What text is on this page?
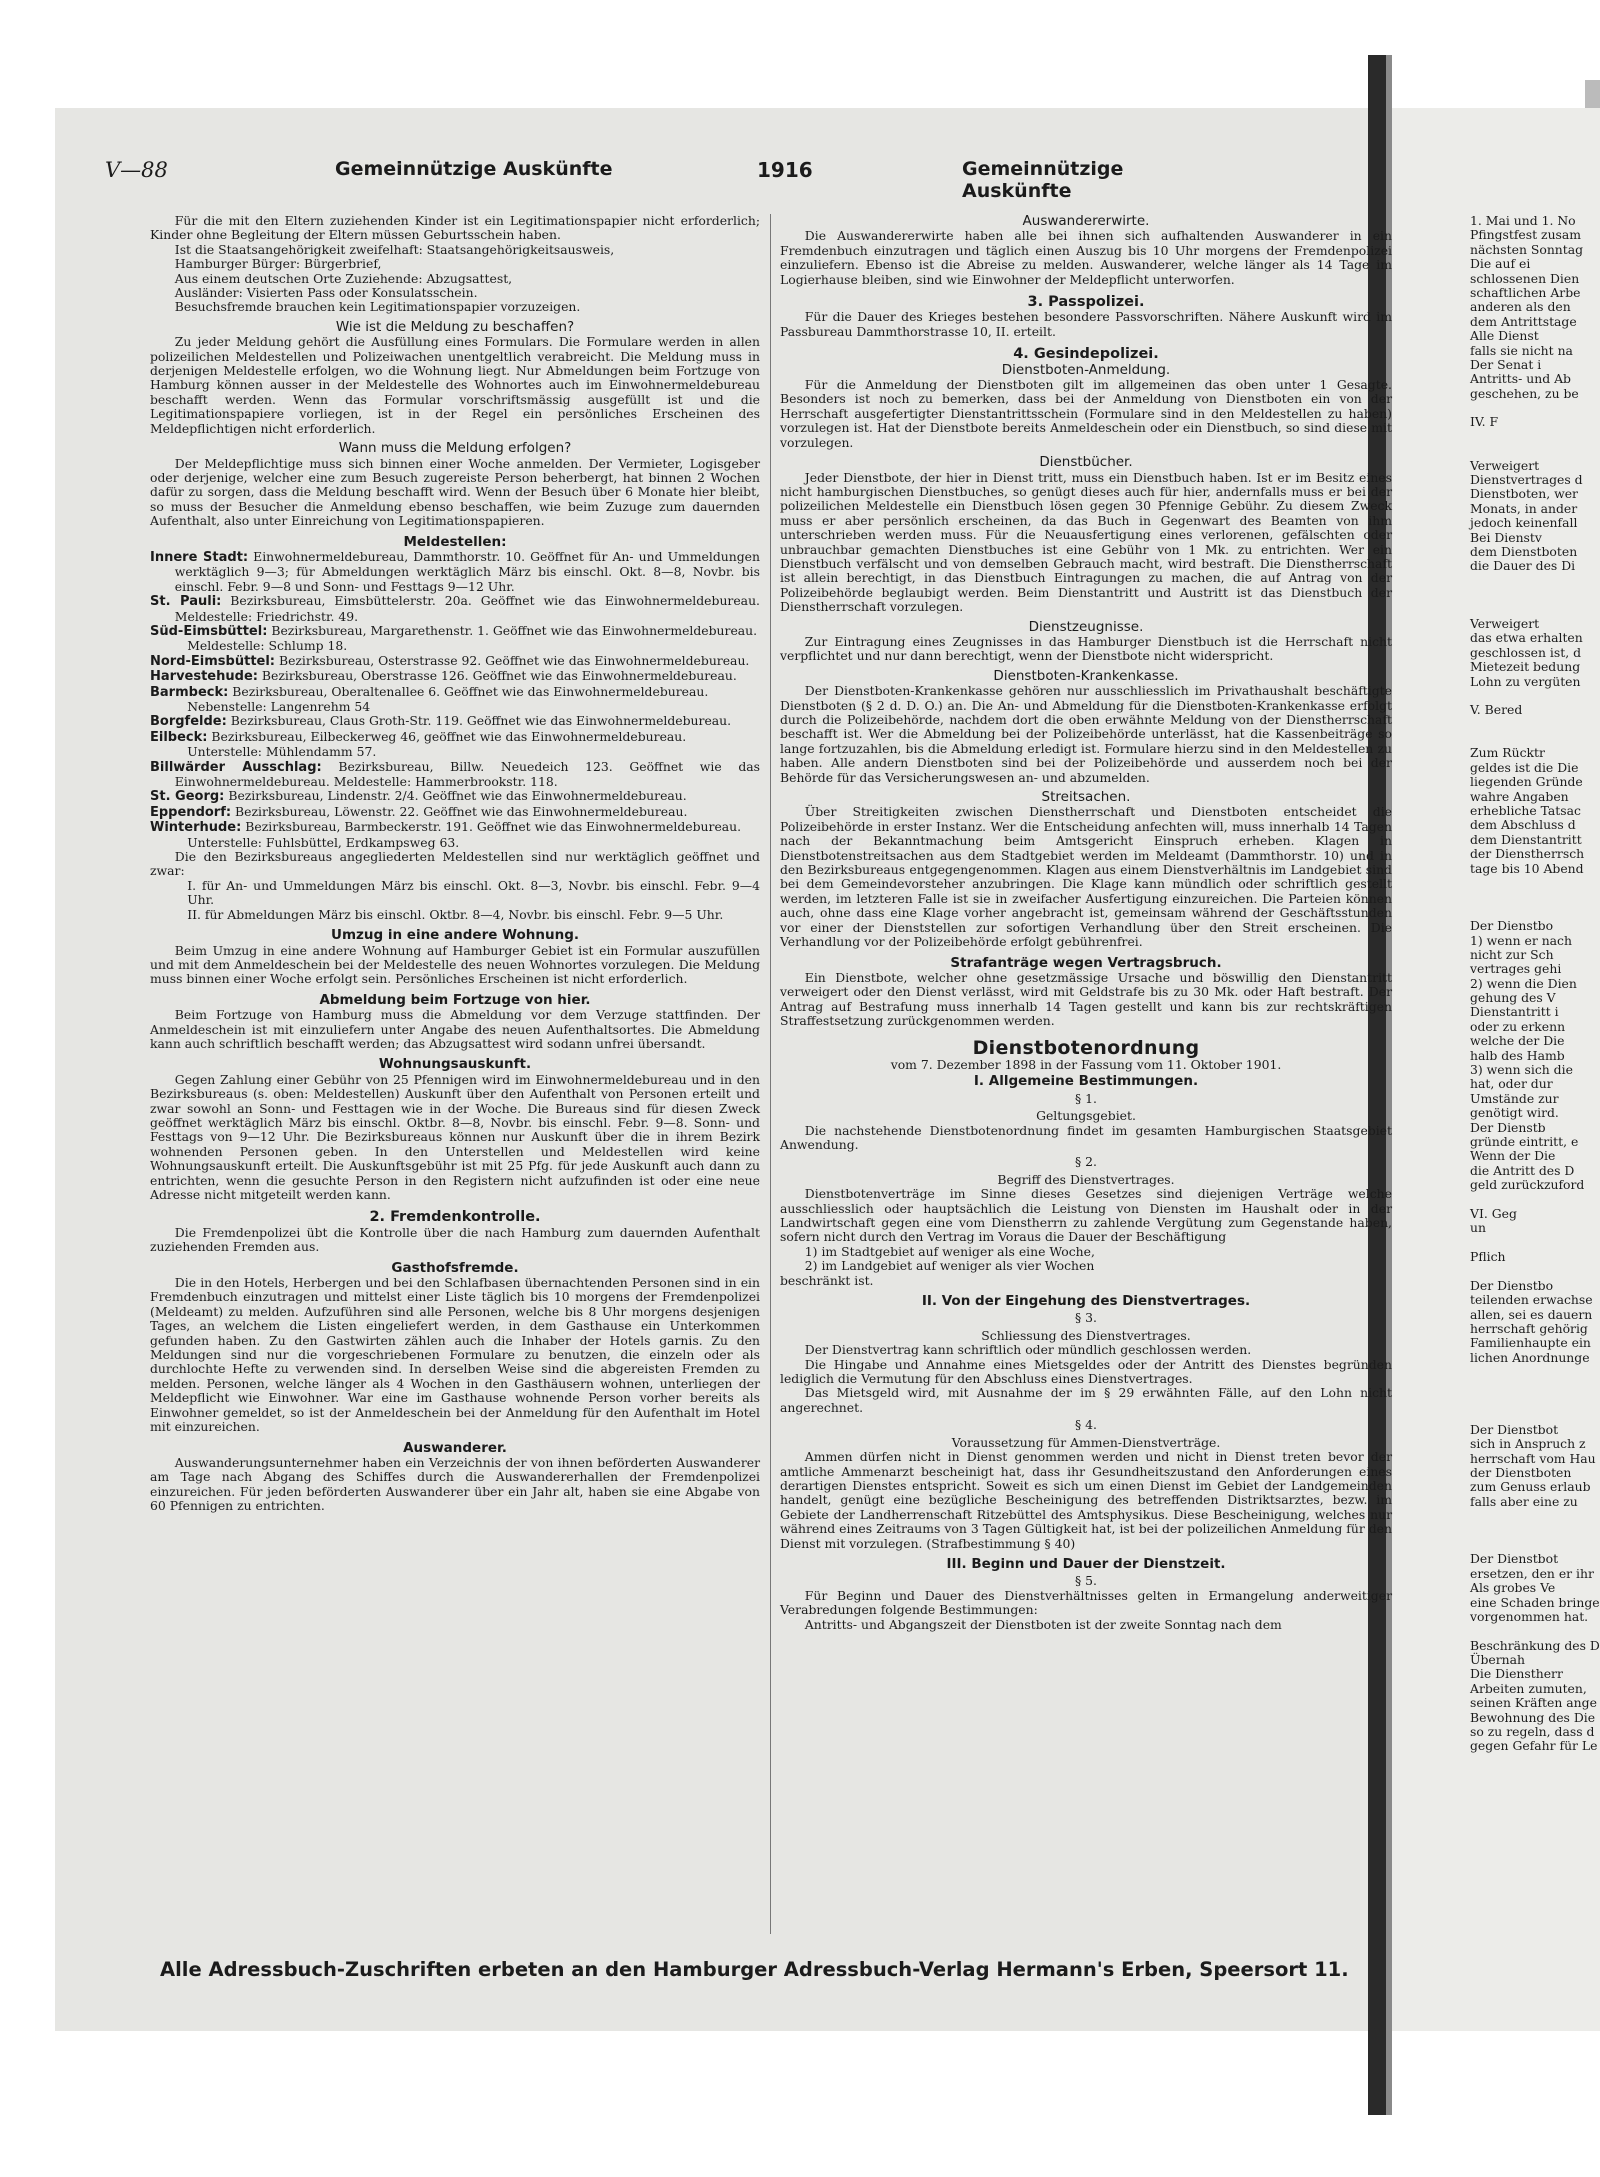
V—88	Gemeinnützige Auskünfte	1916	Gemeinnützige Auskünfte

Für die mit den Eltern zuziehenden Kinder ist ein Legitimationspapier nicht erforderlich; Kinder ohne Begleitung der Eltern müssen Geburtsschein haben.

Ist die Staatsangehörigkeit zweifelhaft: Staatsangehörigkeitsausweis,

Hamburger Bürger: Bürgerbrief,

Aus einem deutschen Orte Zuziehende: Abzugsattest,

Ausländer: Visierten Pass oder Konsulatsschein.

Besuchsfremde brauchen kein Legitimationspapier vorzuzeigen.

Wie ist die Meldung zu beschaffen?

Zu jeder Meldung gehört die Ausfüllung eines Formulars. Die Formulare werden in allen polizeilichen Meldestellen und Polizeiwachen unentgeltlich verabreicht. Die Meldung muss in derjenigen Meldestelle erfolgen, wo die Wohnung liegt. Nur Abmeldungen beim Fortzuge von Hamburg können ausser in der Meldestelle des Wohnortes auch im Einwohnermeldebureau beschafft werden. Wenn das Formular vorschriftsmässig ausgefüllt ist und die Legitimationspapiere vorliegen, ist in der Regel ein persönliches Erscheinen des Meldepflichtigen nicht erforderlich.

Wann muss die Meldung erfolgen?

Der Meldepflichtige muss sich binnen einer Woche anmelden. Der Vermieter, Logisgeber oder derjenige, welcher eine zum Besuch zugereiste Person beherbergt, hat binnen 2 Wochen dafür zu sorgen, dass die Meldung beschafft wird. Wenn der Besuch über 6 Monate hier bleibt, so muss der Besucher die Anmeldung ebenso beschaffen, wie beim Zuzuge zum dauernden Aufenthalt, also unter Einreichung von Legitimationspapieren.

Meldestellen:

Innere Stadt: Einwohnermeldebureau, Dammthorstr. 10. Geöffnet für An- und Ummeldungen werktäglich 9—3; für Abmeldungen werktäglich März bis einschl. Okt. 8—8, Novbr. bis einschl. Febr. 9—8 und Sonn- und Festtags 9—12 Uhr.

St. Pauli: Bezirksbureau, Eimsbüttelerstr. 20a. Geöffnet wie das Einwohnermeldebureau. Meldestelle: Friedrichstr. 49.

Süd-Eimsbüttel: Bezirksbureau, Margarethenstr. 1. Geöffnet wie das Einwohnermeldebureau.

Meldestelle: Schlump 18.

Nord-Eimsbüttel: Bezirksbureau, Osterstrasse 92. Geöffnet wie das Einwohnermeldebureau.

Harvestehude: Bezirksbureau, Oberstrasse 126. Geöffnet wie das Einwohnermeldebureau.

Barmbeck: Bezirksbureau, Oberaltenallee 6. Geöffnet wie das Einwohnermeldebureau.

Nebenstelle: Langenrehm 54

Borgfelde: Bezirksbureau, Claus Groth-Str. 119. Geöffnet wie das Einwohnermeldebureau.

Eilbeck: Bezirksbureau, Eilbeckerweg 46, geöffnet wie das Einwohnermeldebureau.

Unterstelle: Mühlendamm 57.

Billwärder Ausschlag: Bezirksbureau, Billw. Neuedeich 123. Geöffnet wie das Einwohnermeldebureau. Meldestelle: Hammerbrookstr. 118.

St. Georg: Bezirksbureau, Lindenstr. 2/4. Geöffnet wie das Einwohnermeldebureau.

Eppendorf: Bezirksbureau, Löwenstr. 22. Geöffnet wie das Einwohnermeldebureau.

Winterhude: Bezirksbureau, Barmbeckerstr. 191. Geöffnet wie das Einwohnermeldebureau.

Unterstelle: Fuhlsbüttel, Erdkampsweg 63.

Die den Bezirksbureaus angegliederten Meldestellen sind nur werktäglich geöffnet und zwar:

I. für An- und Ummeldungen März bis einschl. Okt. 8—3, Novbr. bis einschl. Febr. 9—4 Uhr.

II. für Abmeldungen März bis einschl. Oktbr. 8—4, Novbr. bis einschl. Febr. 9—5 Uhr.

Umzug in eine andere Wohnung.

Beim Umzug in eine andere Wohnung auf Hamburger Gebiet ist ein Formular auszufüllen und mit dem Anmeldeschein bei der Meldestelle des neuen Wohnortes vorzulegen. Die Meldung muss binnen einer Woche erfolgt sein. Persönliches Erscheinen ist nicht erforderlich.

Abmeldung beim Fortzuge von hier.

Beim Fortzuge von Hamburg muss die Abmeldung vor dem Verzuge stattfinden. Der Anmeldeschein ist mit einzuliefern unter Angabe des neuen Aufenthaltsortes. Die Abmeldung kann auch schriftlich beschafft werden; das Abzugsattest wird sodann unfrei übersandt.

Wohnungsauskunft.

Gegen Zahlung einer Gebühr von 25 Pfennigen wird im Einwohnermeldebureau und in den Bezirksbureaus (s. oben: Meldestellen) Auskunft über den Aufenthalt von Personen erteilt und zwar sowohl an Sonn- und Festtagen wie in der Woche. Die Bureaus sind für diesen Zweck geöffnet werktäglich März bis einschl. Oktbr. 8—8, Novbr. bis einschl. Febr. 9—8. Sonn- und Festtags von 9—12 Uhr. Die Bezirksbureaus können nur Auskunft über die in ihrem Bezirk wohnenden Personen geben. In den Unterstellen und Meldestellen wird keine Wohnungsauskunft erteilt. Die Auskunftsgebühr ist mit 25 Pfg. für jede Auskunft auch dann zu entrichten, wenn die gesuchte Person in den Registern nicht aufzufinden ist oder eine neue Adresse nicht mitgeteilt werden kann.

2. Fremdenkontrolle.

Die Fremdenpolizei übt die Kontrolle über die nach Hamburg zum dauernden Aufenthalt zuziehenden Fremden aus.

Gasthofsfremde.

Die in den Hotels, Herbergen und bei den Schlafbasen übernachtenden Personen sind in ein Fremdenbuch einzutragen und mittelst einer Liste täglich bis 10 morgens der Fremdenpolizei (Meldeamt) zu melden. Aufzuführen sind alle Personen, welche bis 8 Uhr morgens desjenigen Tages, an welchem die Listen eingeliefert werden, in dem Gasthause ein Unterkommen gefunden haben. Zu den Gastwirten zählen auch die Inhaber der Hotels garnis. Zu den Meldungen sind nur die vorgeschriebenen Formulare zu benutzen, die einzeln oder als durchlochte Hefte zu verwenden sind. In derselben Weise sind die abgereisten Fremden zu melden. Personen, welche länger als 4 Wochen in den Gasthäusern wohnen, unterliegen der Meldepflicht wie Einwohner. War eine im Gasthause wohnende Person vorher bereits als Einwohner gemeldet, so ist der Anmeldeschein bei der Anmeldung für den Aufenthalt im Hotel mit einzureichen.

Auswanderer.

Auswanderungsunternehmer haben ein Verzeichnis der von ihnen beförderten Auswanderer am Tage nach Abgang des Schiffes durch die Auswandererhallen der Fremdenpolizei einzureichen. Für jeden beförderten Auswanderer über ein Jahr alt, haben sie eine Abgabe von 60 Pfennigen zu entrichten.

Auswandererwirte.

Die Auswandererwirte haben alle bei ihnen sich aufhaltenden Auswanderer in ein Fremdenbuch einzutragen und täglich einen Auszug bis 10 Uhr morgens der Fremdenpolizei einzuliefern. Ebenso ist die Abreise zu melden. Auswanderer, welche länger als 14 Tage im Logierhause bleiben, sind wie Einwohner der Meldepflicht unterworfen.

3. Passpolizei.

Für die Dauer des Krieges bestehen besondere Passvorschriften. Nähere Auskunft wird im Passbureau Dammthorstrasse 10, II. erteilt.

4. Gesindepolizei.
Dienstboten-Anmeldung.

Für die Anmeldung der Dienstboten gilt im allgemeinen das oben unter 1 Gesagte. Besonders ist noch zu bemerken, dass bei der Anmeldung von Dienstboten ein von der Herrschaft ausgefertigter Dienstantrittsschein (Formulare sind in den Meldestellen zu haben) vorzulegen ist. Hat der Dienstbote bereits Anmeldeschein oder ein Dienstbuch, so sind diese mit vorzulegen.

Dienstbücher.

Jeder Dienstbote, der hier in Dienst tritt, muss ein Dienstbuch haben. Ist er im Besitz eines nicht hamburgischen Dienstbuches, so genügt dieses auch für hier, andernfalls muss er bei der polizeilichen Meldestelle ein Dienstbuch lösen gegen 30 Pfennige Gebühr. Zu diesem Zweck muss er aber persönlich erscheinen, da das Buch in Gegenwart des Beamten von ihm unterschrieben werden muss. Für die Neuausfertigung eines verlorenen, gefälschten oder unbrauchbar gemachten Dienstbuches ist eine Gebühr von 1 Mk. zu entrichten. Wer ein Dienstbuch verfälscht und von demselben Gebrauch macht, wird bestraft. Die Dienstherrschaft ist allein berechtigt, in das Dienstbuch Eintragungen zu machen, die auf Antrag von der Polizeibehörde beglaubigt werden. Beim Dienstantritt und Austritt ist das Dienstbuch der Dienstherrschaft vorzulegen.

Dienstzeugnisse.

Zur Eintragung eines Zeugnisses in das Hamburger Dienstbuch ist die Herrschaft nicht verpflichtet und nur dann berechtigt, wenn der Dienstbote nicht widerspricht.

Dienstboten-Krankenkasse.

Der Dienstboten-Krankenkasse gehören nur ausschliesslich im Privathaushalt beschäftigte Dienstboten (§ 2 d. D. O.) an. Die An- und Abmeldung für die Dienstboten-Krankenkasse erfolgt durch die Polizeibehörde, nachdem dort die oben erwähnte Meldung von der Dienstherrschaft beschafft ist. Wer die Abmeldung bei der Polizeibehörde unterlässt, hat die Kassenbeiträge so lange fortzuzahlen, bis die Abmeldung erledigt ist. Formulare hierzu sind in den Meldestellen zu haben. Alle andern Dienstboten sind bei der Polizeibehörde und ausserdem noch bei der Behörde für das Versicherungswesen an- und abzumelden.

Streitsachen.

Über Streitigkeiten zwischen Dienstherrschaft und Dienstboten entscheidet die Polizeibehörde in erster Instanz. Wer die Entscheidung anfechten will, muss innerhalb 14 Tagen nach der Bekanntmachung beim Amtsgericht Einspruch erheben. Klagen in Dienstbotenstreitsachen aus dem Stadtgebiet werden im Meldeamt (Dammthorstr. 10) und in den Bezirksbureaus entgegengenommen. Klagen aus einem Dienstverhältnis im Landgebiet sind bei dem Gemeindevorsteher anzubringen. Die Klage kann mündlich oder schriftlich gestellt werden, im letzteren Falle ist sie in zweifacher Ausfertigung einzureichen. Die Parteien können auch, ohne dass eine Klage vorher angebracht ist, gemeinsam während der Geschäftsstunden vor einer der Dienststellen zur sofortigen Verhandlung über den Streit erscheinen. Die Verhandlung vor der Polizeibehörde erfolgt gebührenfrei.

Strafanträge wegen Vertragsbruch.

Ein Dienstbote, welcher ohne gesetzmässige Ursache und böswillig den Dienstantritt verweigert oder den Dienst verlässt, wird mit Geldstrafe bis zu 30 Mk. oder Haft bestraft. Der Antrag auf Bestrafung muss innerhalb 14 Tagen gestellt und kann bis zur rechtskräftigen Straffestsetzung zurückgenommen werden.

Dienstbotenordnung
vom 7. Dezember 1898 in der Fassung vom 11. Oktober 1901.
I. Allgemeine Bestimmungen.
§ 1.
Geltungsgebiet.

Die nachstehende Dienstbotenordnung findet im gesamten Hamburgischen Staatsgebiet Anwendung.

§ 2.
Begriff des Dienstvertrages.

Dienstbotenverträge im Sinne dieses Gesetzes sind diejenigen Verträge welche ausschliesslich oder hauptsächlich die Leistung von Diensten im Haushalt oder in der Landwirtschaft gegen eine vom Dienstherrn zu zahlende Vergütung zum Gegenstande haben, sofern nicht durch den Vertrag im Voraus die Dauer der Beschäftigung

1) im Stadtgebiet auf weniger als eine Woche,

2) im Landgebiet auf weniger als vier Wochen

beschränkt ist.

II. Von der Eingehung des Dienstvertrages.
§ 3.
Schliessung des Dienstvertrages.

Der Dienstvertrag kann schriftlich oder mündlich geschlossen werden.

Die Hingabe und Annahme eines Mietsgeldes oder der Antritt des Dienstes begründen lediglich die Vermutung für den Abschluss eines Dienstvertrages.

Das Mietsgeld wird, mit Ausnahme der im § 29 erwähnten Fälle, auf den Lohn nicht angerechnet.

§ 4.
Voraussetzung für Ammen-Dienstverträge.

Ammen dürfen nicht in Dienst genommen werden und nicht in Dienst treten bevor der amtliche Ammenarzt bescheinigt hat, dass ihr Gesundheitszustand den Anforderungen eines derartigen Dienstes entspricht. Soweit es sich um einen Dienst im Gebiet der Landgemeinden handelt, genügt eine bezügliche Bescheinigung des betreffenden Distriktsarztes, bezw. im Gebiete der Landherrenschaft Ritzebüttel des Amtsphysikus. Diese Bescheinigung, welches nur während eines Zeitraums von 3 Tagen Gültigkeit hat, ist bei der polizeilichen Anmeldung für den Dienst mit vorzulegen. (Strafbestimmung § 40)

III. Beginn und Dauer der Dienstzeit.
§ 5.

Für Beginn und Dauer des Dienstverhältnisses gelten in Ermangelung anderweitiger Verabredungen folgende Bestimmungen:

Antritts- und Abgangszeit der Dienstboten ist der zweite Sonntag nach dem

1. Mai und 1. No
Pfingstfest zusam
nächsten Sonntag
Die auf ei
schlossenen Dien
schaftlichen Arbe
anderen als den
dem Antrittstage
Alle Dienst
falls sie nicht na
Der Senat i
Antritts- und Ab
geschehen, zu be
IV. F
Verweigert
Dienstvertrages d
Dienstboten, wer
Monats, in ander
jedoch keinenfall
Bei Dienstv
dem Dienstboten
die Dauer des Di
Verweigert
das etwa erhalten
geschlossen ist, d
Mietezeit bedung
Lohn zu vergüten
V. Bered
Zum Rücktr
geldes ist die Die
liegenden Gründe
wahre Angaben
erhebliche Tatsac
dem Abschluss d
dem Dienstantritt
der Dienstherrsch
tage bis 10 Abend
Der Dienstbo
1) wenn er nach
nicht zur Sch
vertrages gehi
2) wenn die Dien
gehung des V
Dienstantritt i
oder zu erkenn
welche der Die
halb des Hamb
3) wenn sich die
hat, oder dur
Umstände zur
genötigt wird.
Der Dienstb
gründe eintritt, e
Wenn der Die
die Antritt des D
geld zurückzuford
VI. Geg
un
Pflich
Der Dienstbo
teilenden erwachse
allen, sei es dauern
herrschaft gehörig
Familienhaupte ein
lichen Anordnunge
Der Dienstbot
sich in Anspruch z
herrschaft vom Hau
der Dienstboten
zum Genuss erlaub
falls aber eine zu
Der Dienstbot
ersetzen, den er ihr
Als grobes Ve
eine Schaden bringe
vorgenommen hat.
Beschränkung des D
Übernah
Die Dienstherr
Arbeiten zumuten,
seinen Kräften ange
Bewohnung des Die
so zu regeln, dass d
gegen Gefahr für Le
Alle Adressbuch-Zuschriften erbeten an den Hamburger Adressbuch-Verlag Hermann's Erben, Speersort 11.
